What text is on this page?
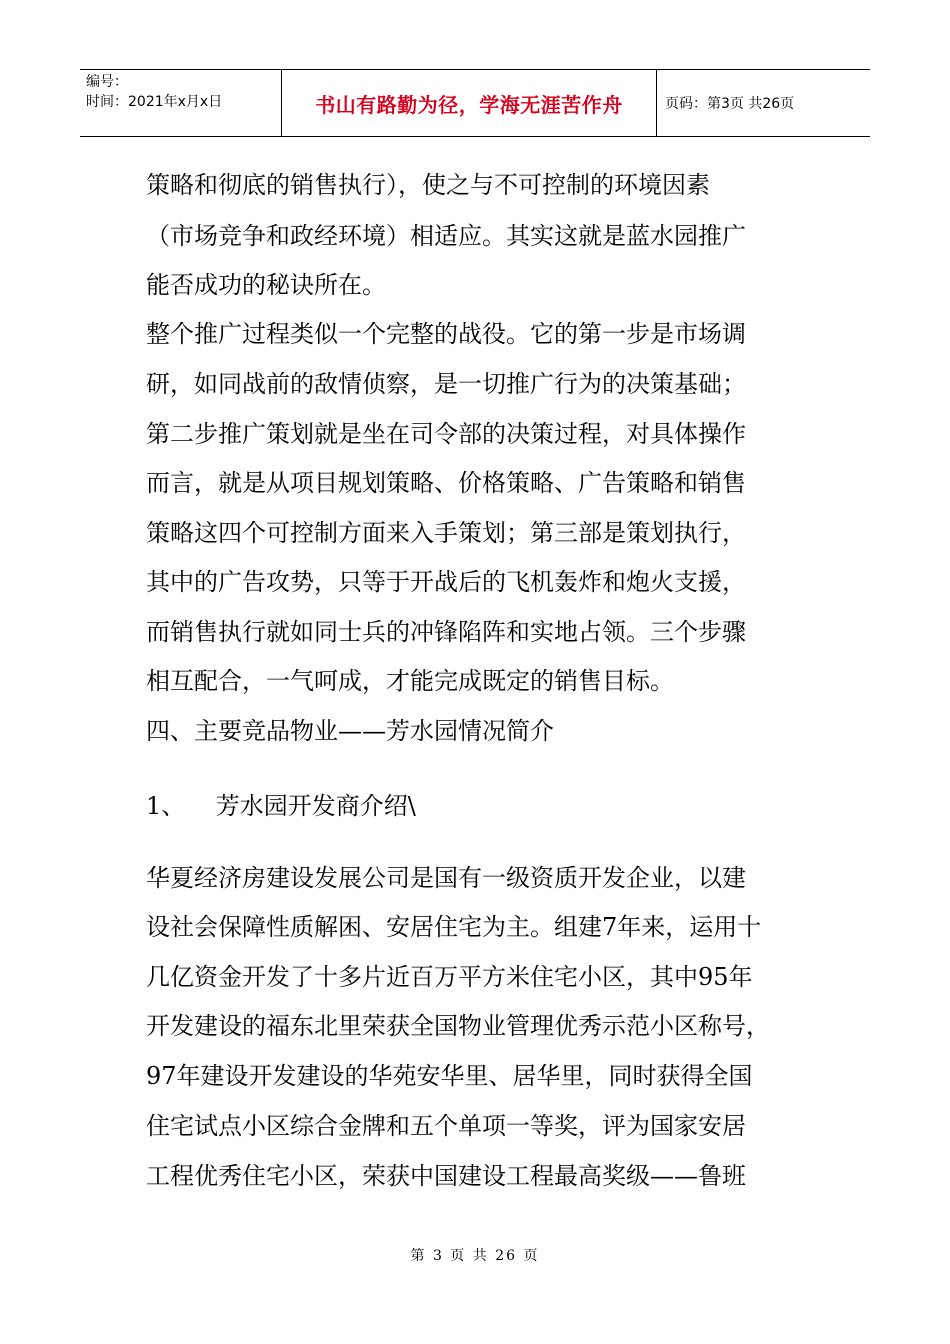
编号：
时间：2021年x月x日	书山有路勤为径，学海无涯苦作舟	页码：第3页 共26页

策略和彻底的销售执行），使之与不可控制的环境因素

（市场竞争和政经环境）相适应。其实这就是蓝水园推广

能否成功的秘诀所在。

整个推广过程类似一个完整的战役。它的第一步是市场调

研，如同战前的敌情侦察，是一切推广行为的决策基础；

第二步推广策划就是坐在司令部的决策过程，对具体操作

而言，就是从项目规划策略、价格策略、广告策略和销售

策略这四个可控制方面来入手策划；第三部是策划执行，

其中的广告攻势，只等于开战后的飞机轰炸和炮火支援，

而销售执行就如同士兵的冲锋陷阵和实地占领。三个步骤

相互配合，一气呵成，才能完成既定的销售目标。

四、主要竞品物业——芳水园情况简介

1、    芳水园开发商介绍\

华夏经济房建设发展公司是国有一级资质开发企业，以建

设社会保障性质解困、安居住宅为主。组建7年来，运用十

几亿资金开发了十多片近百万平方米住宅小区，其中95年

开发建设的福东北里荣获全国物业管理优秀示范小区称号，

97年建设开发建设的华苑安华里、居华里，同时获得全国

住宅试点小区综合金牌和五个单项一等奖，评为国家安居

工程优秀住宅小区，荣获中国建设工程最高奖级——鲁班

第 3 页 共 26 页
